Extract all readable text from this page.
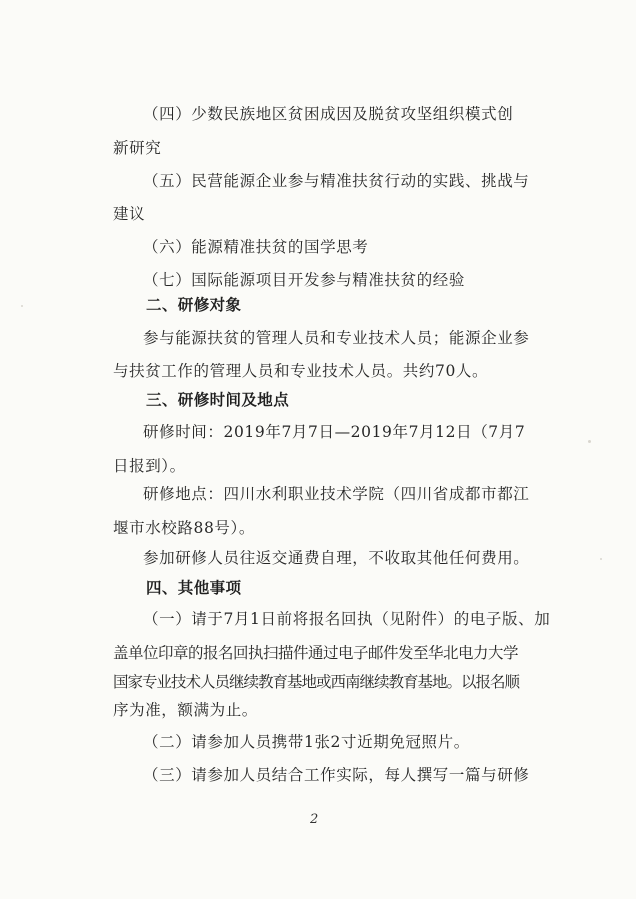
（四）少数民族地区贫困成因及脱贫攻坚组织模式创
新研究
（五）民营能源企业参与精准扶贫行动的实践、挑战与
建议
（六）能源精准扶贫的国学思考
（七）国际能源项目开发参与精准扶贫的经验
二、研修对象
参与能源扶贫的管理人员和专业技术人员；能源企业参
与扶贫工作的管理人员和专业技术人员。共约70人。
三、研修时间及地点
研修时间：2019年7月7日—2019年7月12日（7月7
日报到）。
研修地点：四川水利职业技术学院（四川省成都市都江
堰市水校路88号）。
参加研修人员往返交通费自理，不收取其他任何费用。
四、其他事项
（一）请于7月1日前将报名回执（见附件）的电子版、加
盖单位印章的报名回执扫描件通过电子邮件发至华北电力大学
国家专业技术人员继续教育基地或西南继续教育基地。以报名顺
序为准，额满为止。
（二）请参加人员携带1张2寸近期免冠照片。
（三）请参加人员结合工作实际，每人撰写一篇与研修
2
